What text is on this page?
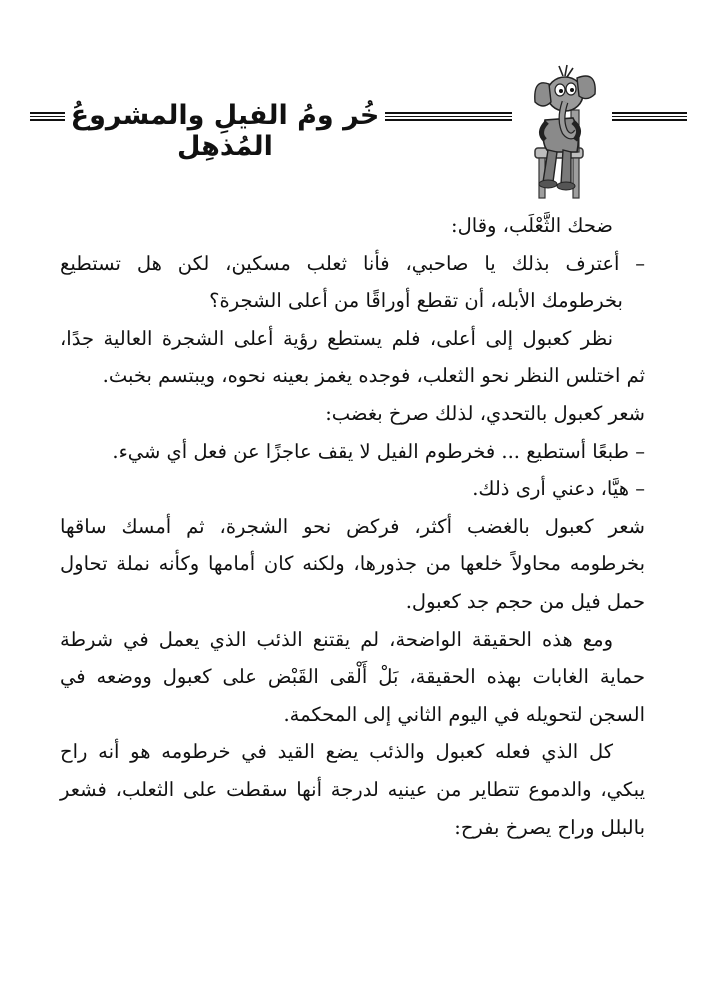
خُر ومُ الفيلِ والمشروعُ المُذهِل
ضحك الثَّعْلَب، وقال:
– أعترف بذلك يا صاحبي، فأنا ثعلب مسكين، لكن هل تستطيع
بخرطومك الأبله، أن تقطع أوراقًا من أعلى الشجرة؟
نظر كعبول إلى أعلى، فلم يستطع رؤية أعلى الشجرة العالية جدًا،
ثم اختلس النظر نحو الثعلب، فوجده يغمز بعينه نحوه، ويبتسم بخبث.
شعر كعبول بالتحدي، لذلك صرخ بغضب:
– طبعًا أستطيع ... فخرطوم الفيل لا يقف عاجزًا عن فعل أي شيء.
– هيَّا، دعني أرى ذلك.
شعر كعبول بالغضب أكثر، فركض نحو الشجرة، ثم أمسك ساقها
بخرطومه محاولاً خلعها من جذورها، ولكنه كان أمامها وكأنه نملة تحاول
حمل فيل من حجم جد كعبول.
ومع هذه الحقيقة الواضحة، لم يقتنع الذئب الذي يعمل في شرطة
حماية الغابات بهذه الحقيقة، بَلْ أَلْقى القَبْض على كعبول ووضعه في
السجن لتحويله في اليوم الثاني إلى المحكمة.
كل الذي فعله كعبول والذئب يضع القيد في خرطومه هو أنه راح
يبكي، والدموع تتطاير من عينيه لدرجة أنها سقطت على الثعلب، فشعر
بالبلل وراح يصرخ بفرح:
